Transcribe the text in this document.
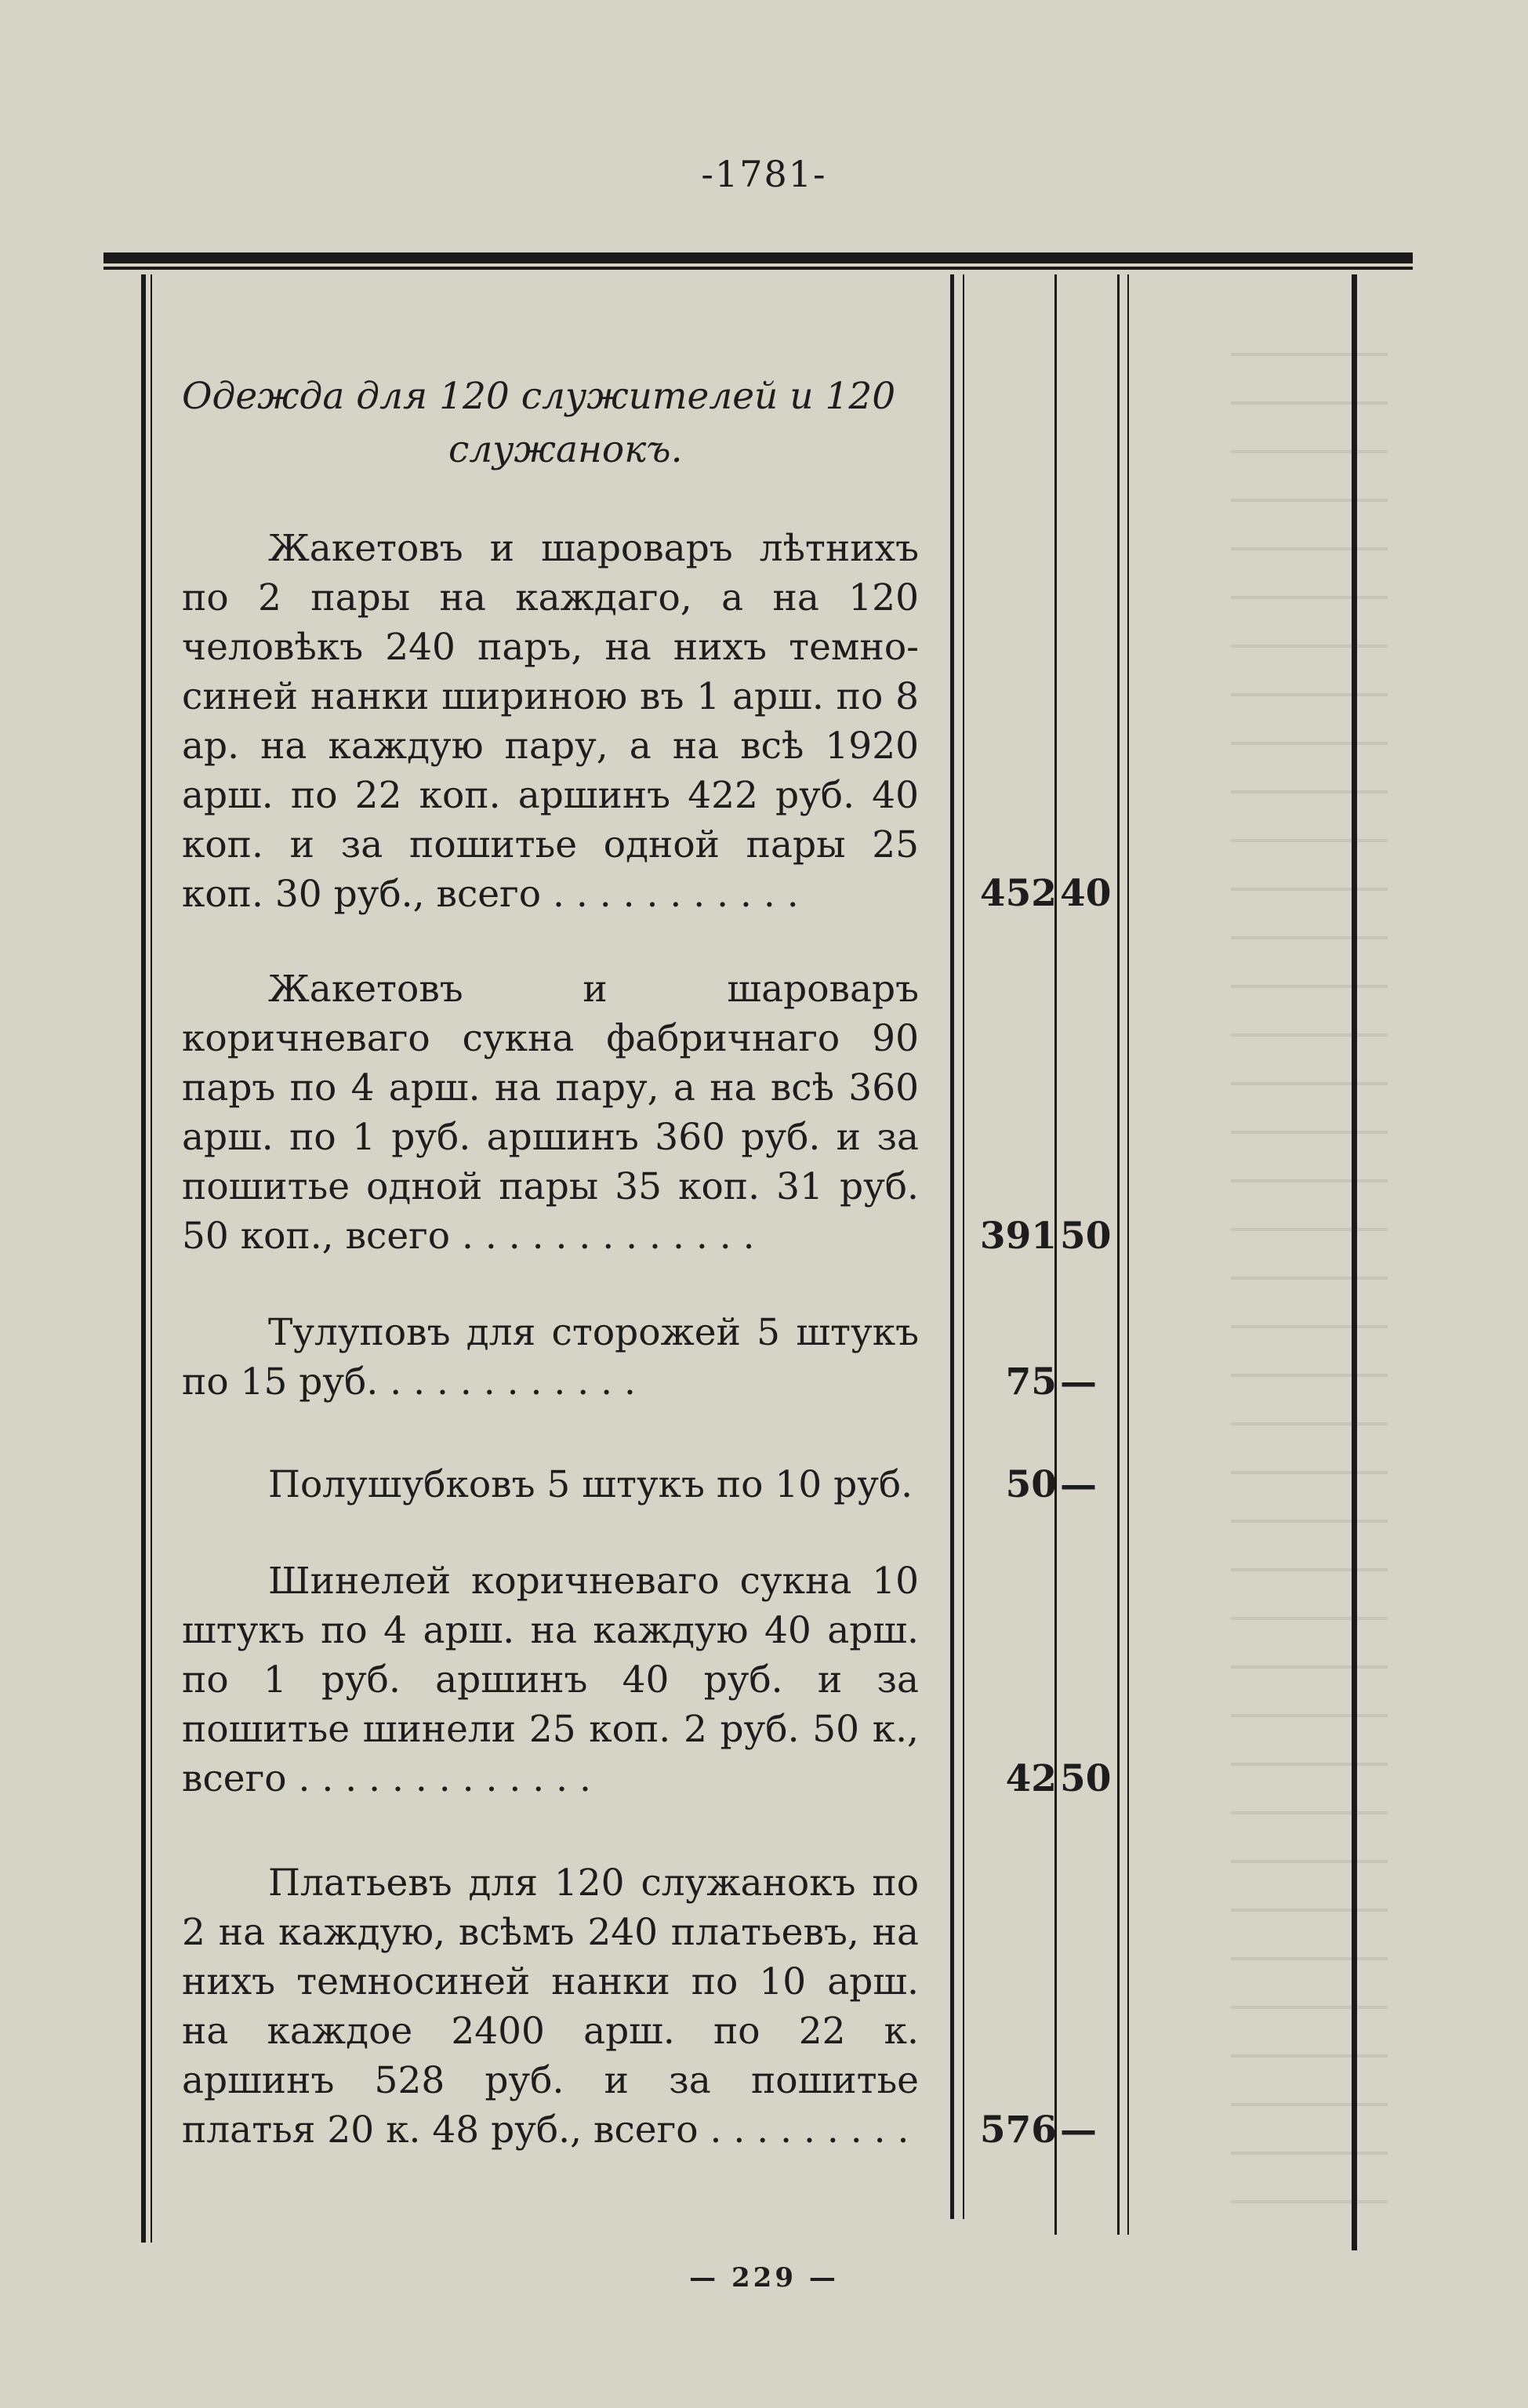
-1781-
Одежда для 120 служителей и 120
служанокъ.

Жакетовъ и шароваръ лѣтнихъ по 2 пары на каждаго, а на 120 человѣкъ 240 паръ, на нихъ темно-синей нанки шириною въ 1 арш. по 8 ар. на каждую пару, а на всѣ 1920 арш. по 22 коп. аршинъ 422 руб. 40 коп. и за пошитье одной пары 25 коп. 30 руб., всего . . . . . . . . . . .	452 40

Жакетовъ и шароваръ коричневаго сукна фабричнаго 90 паръ по 4 арш. на пару, а на всѣ 360 арш. по 1 руб. аршинъ 360 руб. и за пошитье одной пары 35 коп. 31 руб. 50 коп., всего . . . . . . . . . . . . .	391 50

Тулуповъ для сторожей 5 штукъ по 15 руб. . . . . . . . . . . .	75 —

Полушубковъ 5 штукъ по 10 руб.	50 —

Шинелей коричневаго сукна 10 штукъ по 4 арш. на каждую 40 арш. по 1 руб. аршинъ 40 руб. и за пошитье шинели 25 коп. 2 руб. 50 к., всего . . . . . . . . . . . . .	42 50

Платьевъ для 120 служанокъ по 2 на каждую, всѣмъ 240 платьевъ, на нихъ темносиней нанки по 10 арш. на каждое 2400 арш. по 22 к. аршинъ 528 руб. и за пошитье платья 20 к. 48 руб., всего . . . . . . . . . 576 —
— 229 —
